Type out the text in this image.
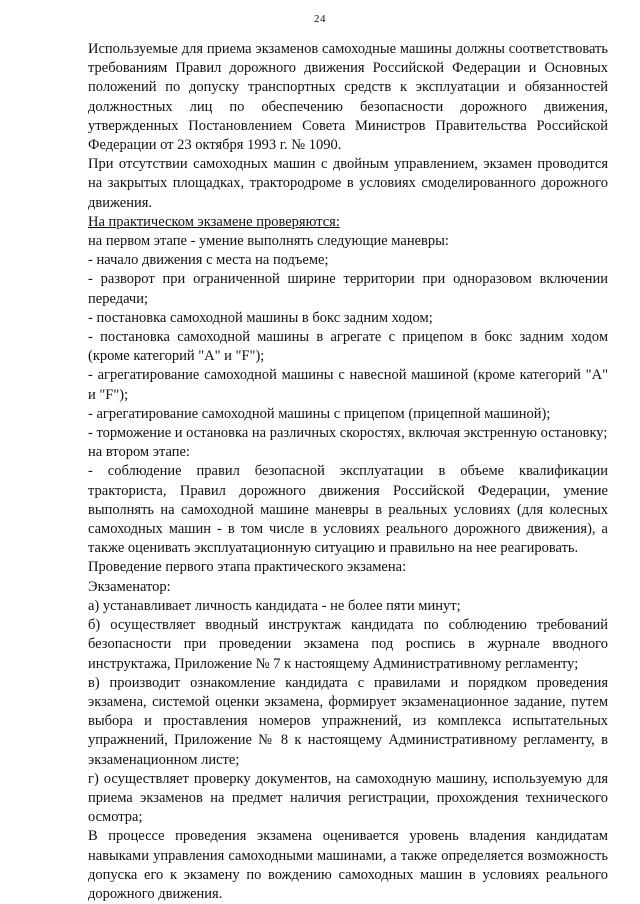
24

Используемые для приема экзаменов самоходные машины должны соответствовать требованиям Правил дорожного движения Российской Федерации и Основных положений по допуску транспортных средств к эксплуатации и обязанностей должностных лиц по обеспечению безопасности дорожного движения, утвержденных Постановлением Совета Министров Правительства Российской Федерации от 23 октября 1993 г. № 1090.

При отсутствии самоходных машин с двойным управлением, экзамен проводится на закрытых площадках, трактородроме в условиях смоделированного дорожного движения.

На практическом экзамене проверяются:

на первом этапе - умение выполнять следующие маневры:

- начало движения с места на подъеме;

- разворот при ограниченной ширине территории при одноразовом включении передачи;

- постановка самоходной машины в бокс задним ходом;

- постановка самоходной машины в агрегате с прицепом в бокс задним ходом (кроме категорий "А" и "F");

- агрегатирование самоходной машины с навесной машиной (кроме категорий "А" и "F");

- агрегатирование самоходной машины с прицепом (прицепной машиной);

- торможение и остановка на различных скоростях, включая экстренную остановку;

на втором этапе:

- соблюдение правил безопасной эксплуатации в объеме квалификации тракториста, Правил дорожного движения Российской Федерации, умение выполнять на самоходной машине маневры в реальных условиях (для колесных самоходных машин - в том числе в условиях реального дорожного движения), а также оценивать эксплуатационную ситуацию и правильно на нее реагировать.

Проведение первого этапа практического экзамена:

Экзаменатор:

а) устанавливает личность кандидата - не более пяти минут;

б) осуществляет вводный инструктаж кандидата по соблюдению требований безопасности при проведении экзамена под роспись в журнале вводного инструктажа, Приложение № 7 к настоящему Административному регламенту;

в) производит ознакомление кандидата с правилами и порядком проведения экзамена, системой оценки экзамена, формирует экзаменационное задание, путем выбора и проставления номеров упражнений, из комплекса испытательных упражнений, Приложение № 8 к настоящему Административному регламенту, в экзаменационном листе;

г) осуществляет проверку документов, на самоходную машину, используемую для приема экзаменов на предмет наличия регистрации, прохождения технического осмотра;

В процессе проведения экзамена оценивается уровень владения кандидатам навыками управления самоходными машинами, а также определяется возможность допуска его к экзамену по вождению самоходных машин в условиях реального дорожного движения.
